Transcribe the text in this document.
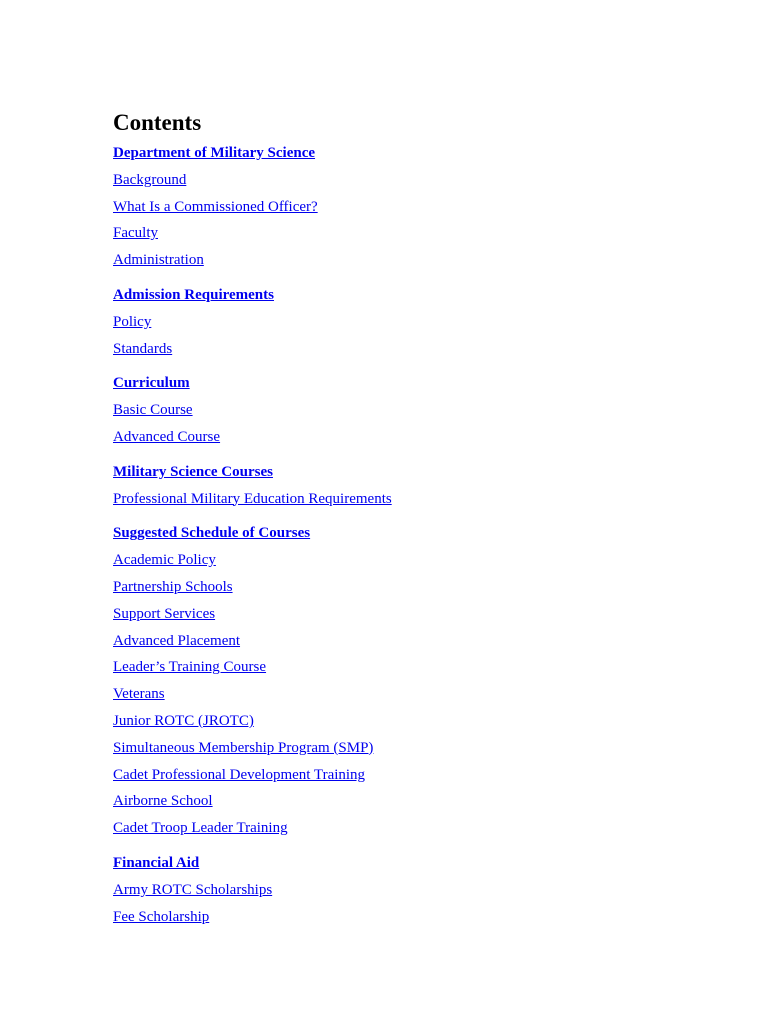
Contents
Department of Military Science
Background
What Is a Commissioned Officer?
Faculty
Administration
Admission Requirements
Policy
Standards
Curriculum
Basic Course
Advanced Course
Military Science Courses
Professional Military Education Requirements
Suggested Schedule of Courses
Academic Policy
Partnership Schools
Support Services
Advanced Placement
Leader’s Training Course
Veterans
Junior ROTC (JROTC)
Simultaneous Membership Program (SMP)
Cadet Professional Development Training
Airborne School
Cadet Troop Leader Training
Financial Aid
Army ROTC Scholarships
Fee Scholarship
